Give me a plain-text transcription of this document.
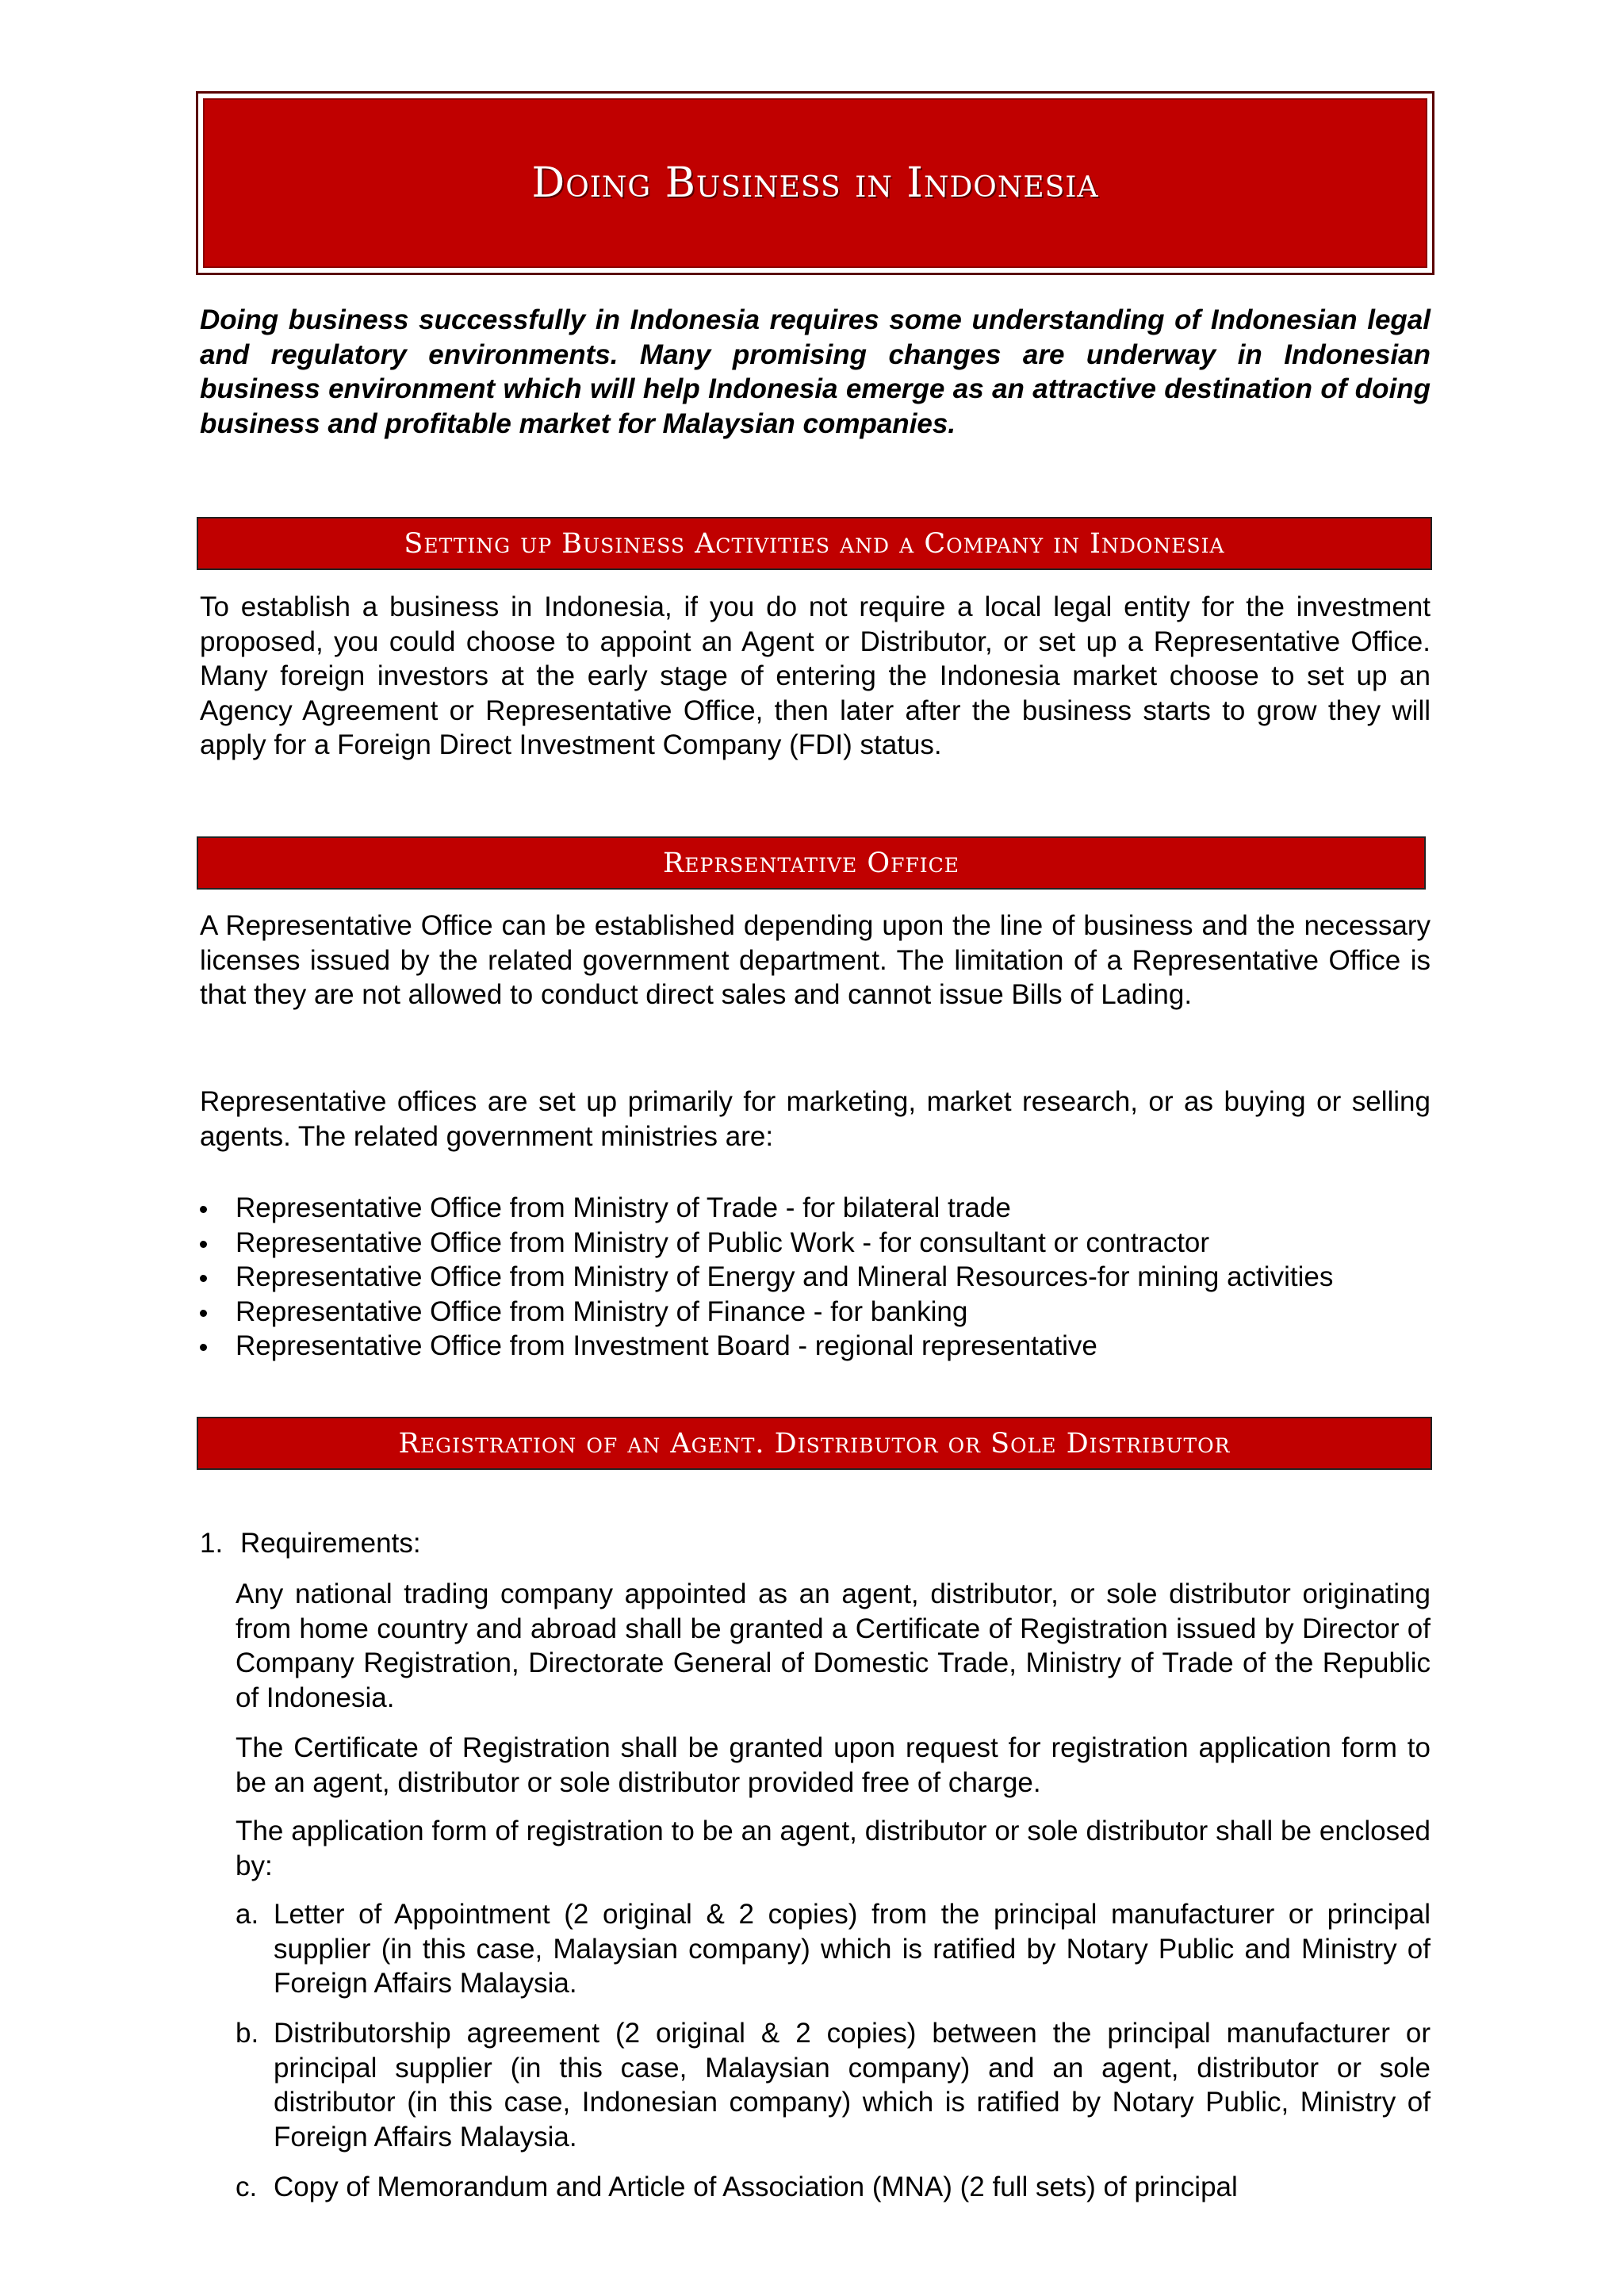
Doing Business in Indonesia

Doing business successfully in Indonesia requires some understanding of Indonesian legal and regulatory environments. Many promising changes are underway in Indonesian business environment which will help Indonesia emerge as an attractive destination of doing business and profitable market for Malaysian companies.

Setting up Business Activities and a Company in Indonesia

To establish a business in Indonesia, if you do not require a local legal entity for the investment proposed, you could choose to appoint an Agent or Distributor, or set up a Representative Office. Many foreign investors at the early stage of entering the Indonesia market choose to set up an Agency Agreement or Representative Office, then later after the business starts to grow they will apply for a Foreign Direct Investment Company (FDI) status.

Reprsentative Office

A Representative Office can be established depending upon the line of business and the necessary licenses issued by the related government department. The limitation of a Representative Office is that they are not allowed to conduct direct sales and cannot issue Bills of Lading.

Representative offices are set up primarily for marketing, market research, or as buying or selling agents. The related government ministries are:

Representative Office from Ministry of Trade - for bilateral trade
Representative Office from Ministry of Public Work - for consultant or contractor
Representative Office from Ministry of Energy and Mineral Resources-for mining activities
Representative Office from Ministry of Finance - for banking
Representative Office from Investment Board - regional representative
Registration of an Agent. Distributor or Sole Distributor
1. Requirements:

Any national trading company appointed as an agent, distributor, or sole distributor originating from home country and abroad shall be granted a Certificate of Registration issued by Director of Company Registration, Directorate General of Domestic Trade, Ministry of Trade of the Republic of Indonesia.

The Certificate of Registration shall be granted upon request for registration application form to be an agent, distributor or sole distributor provided free of charge.

The application form of registration to be an agent, distributor or sole distributor shall be enclosed by:

a. Letter of Appointment (2 original & 2 copies) from the principal manufacturer or principal supplier (in this case, Malaysian company) which is ratified by Notary Public and Ministry of Foreign Affairs Malaysia.
b. Distributorship agreement (2 original & 2 copies) between the principal manufacturer or principal supplier (in this case, Malaysian company) and an agent, distributor or sole distributor (in this case, Indonesian company) which is ratified by Notary Public, Ministry of Foreign Affairs Malaysia.
c. Copy of Memorandum and Article of Association (MNA) (2 full sets) of principal
